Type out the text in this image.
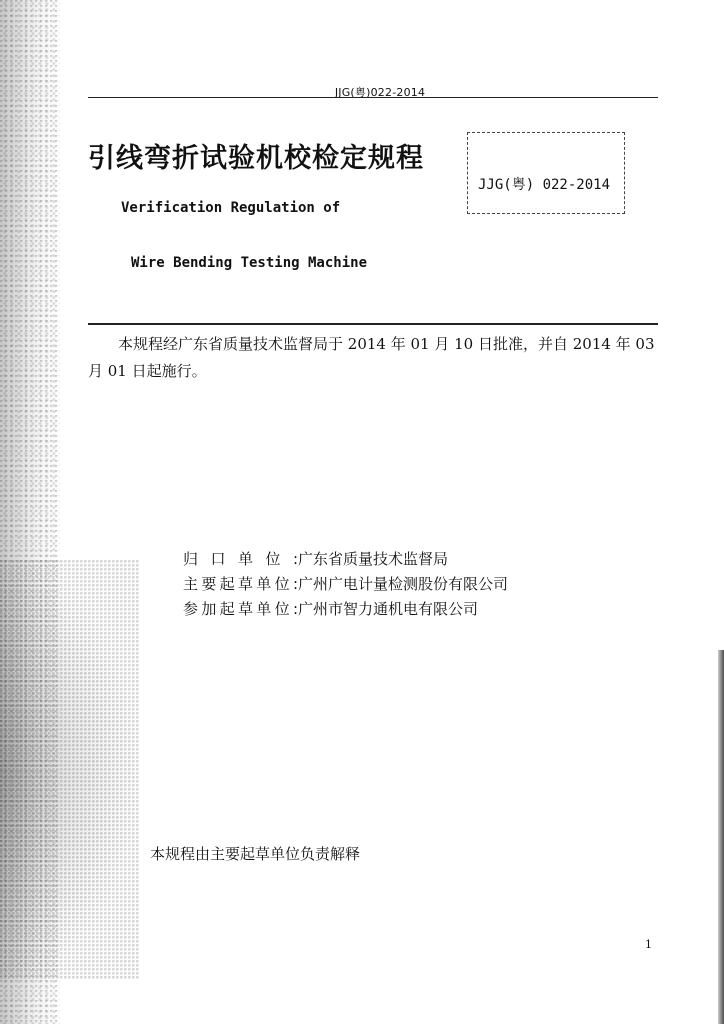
JJG(粤)022-2014
引线弯折试验机校检定规程
JJG(粤) 022-2014
Verification Regulation of
Wire Bending Testing Machine
本规程经广东省质量技术监督局于 2014 年 01 月 10 日批准，并自 2014 年 03 月 01 日起施行。
归口单位:广东省质量技术监督局
主要起草单位:广州广电计量检测股份有限公司
参加起草单位:广州市智力通机电有限公司
本规程由主要起草单位负责解释
1
